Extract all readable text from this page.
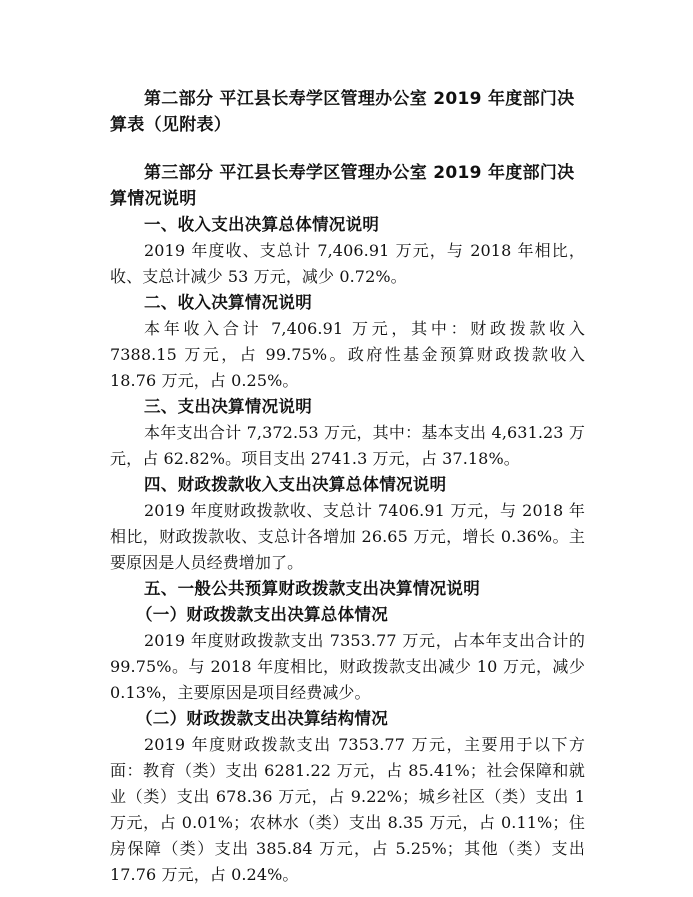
第二部分 平江县长寿学区管理办公室 2019 年度部门决算表（见附表）
第三部分 平江县长寿学区管理办公室 2019 年度部门决算情况说明
一、收入支出决算总体情况说明
2019 年度收、支总计 7,406.91 万元，与 2018 年相比，收、支总计减少 53 万元，减少 0.72%。
二、收入决算情况说明
本年收入合计 7,406.91 万元，其中：财政拨款收入 7388.15 万元，占 99.75%。政府性基金预算财政拨款收入 18.76 万元，占 0.25%。
三、支出决算情况说明
本年支出合计 7,372.53 万元，其中：基本支出 4,631.23 万元，占 62.82%。项目支出 2741.3 万元，占 37.18%。
四、财政拨款收入支出决算总体情况说明
2019 年度财政拨款收、支总计 7406.91 万元，与 2018 年相比，财政拨款收、支总计各增加 26.65 万元，增长 0.36%。主要原因是人员经费增加了。
五、一般公共预算财政拨款支出决算情况说明
（一）财政拨款支出决算总体情况
2019 年度财政拨款支出 7353.77 万元，占本年支出合计的 99.75%。与 2018 年度相比，财政拨款支出减少 10 万元，减少 0.13%，主要原因是项目经费减少。
（二）财政拨款支出决算结构情况
2019 年度财政拨款支出 7353.77 万元，主要用于以下方面：教育（类）支出 6281.22 万元，占 85.41%；社会保障和就业（类）支出 678.36 万元，占 9.22%；城乡社区（类）支出 1 万元，占 0.01%；农林水（类）支出 8.35 万元，占 0.11%；住房保障（类）支出 385.84 万元，占 5.25%；其他（类）支出 17.76 万元，占 0.24%。
